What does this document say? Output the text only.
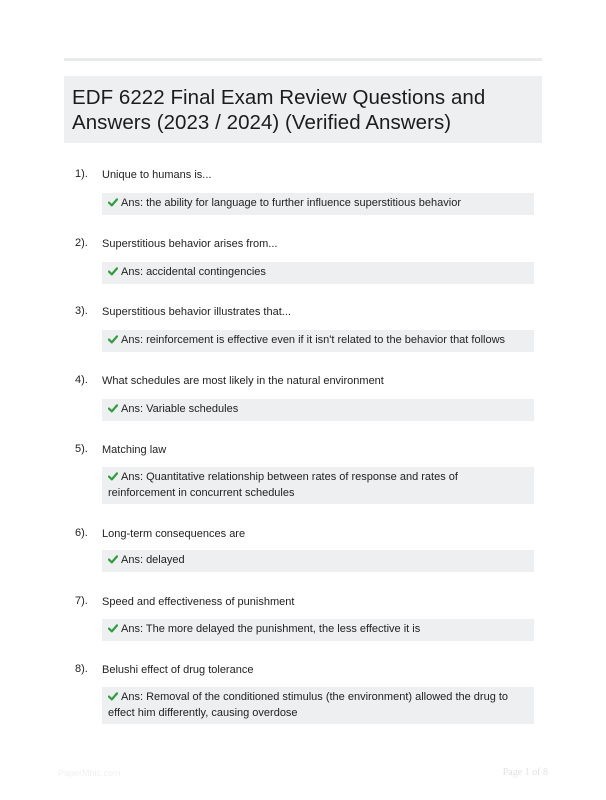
EDF 6222 Final Exam Review Questions and Answers (2023 / 2024) (Verified Answers)
1). Unique to humans is...
Ans: the ability for language to further influence superstitious behavior
2). Superstitious behavior arises from...
Ans: accidental contingencies
3). Superstitious behavior illustrates that...
Ans: reinforcement is effective even if it isn't related to the behavior that follows
4). What schedules are most likely in the natural environment
Ans: Variable schedules
5). Matching law
Ans: Quantitative relationship between rates of response and rates of reinforcement in concurrent schedules
6). Long-term consequences are
Ans: delayed
7). Speed and effectiveness of punishment
Ans: The more delayed the punishment, the less effective it is
8). Belushi effect of drug tolerance
Ans: Removal of the conditioned stimulus (the environment) allowed the drug to effect him differently, causing overdose
PaperMbic.com	Page 1 of 8
